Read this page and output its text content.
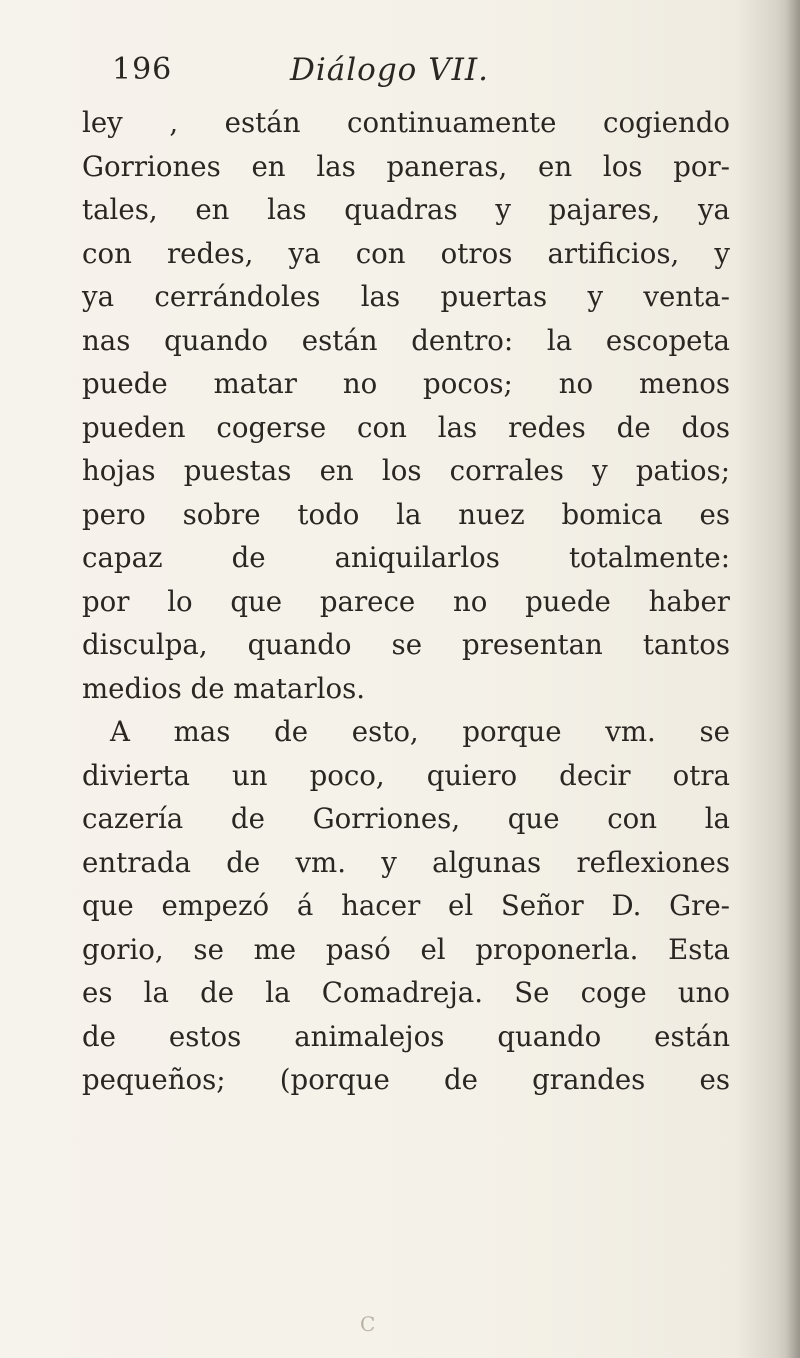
196	Diálogo VII.
ley , están continuamente cogiendo
Gorriones en las paneras, en los por-
tales, en las quadras y pajares, ya
con redes, ya con otros artificios, y
ya cerrándoles las puertas y venta-
nas quando están dentro: la escopeta
puede matar no pocos; no menos
pueden cogerse con las redes de dos
hojas puestas en los corrales y patios;
pero sobre todo la nuez bomica es
capaz de aniquilarlos totalmente:
por lo que parece no puede haber
disculpa, quando se presentan tantos
medios de matarlos.
A mas de esto, porque vm. se
divierta un poco, quiero decir otra
cazería de Gorriones, que con la
entrada de vm. y algunas reflexiones
que empezó á hacer el Señor D. Gre-
gorio, se me pasó el proponerla. Esta
es la de la Comadreja. Se coge uno
de estos animalejos quando están
pequeños; (porque de grandes es
C
